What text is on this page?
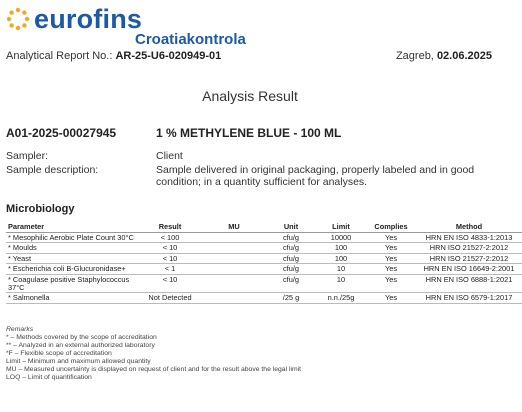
eurofins
Croatiakontrola
Analytical Report No.: AR-25-U6-020949-01	Zagreb, 02.06.2025
Analysis Result
A01-2025-00027945	1 % METHYLENE BLUE - 100 ML
Sampler:	Client
Sample description:	Sample delivered in original packaging, properly labeled and in good condition; in a quantity sufficient for analyses.
Microbiology
Parameter	Result	MU	Unit	Limit	Complies	Method
* Mesophilic Aerobic Plate Count 30°C	< 100		cfu/g	10000	Yes	HRN EN ISO 4833-1:2013
* Moulds	< 10		cfu/g	100	Yes	HRN ISO 21527-2:2012
* Yeast	< 10		cfu/g	100	Yes	HRN ISO 21527-2:2012
* Escherichia coli B-Glucuronidase+	< 1		cfu/g	10	Yes	HRN EN ISO 16649-2:2001
* Coagulase positive Staphylococcus 37°C	< 10		cfu/g	10	Yes	HRN EN ISO 6888-1:2021
* Salmonella	Not Detected		/25 g	n.n./25g	Yes	HRN EN ISO 6579-1:2017
Remarks
* – Methods covered by the scope of accreditation
** – Analyzed in an external authorized laboratory
*F – Flexible scope of accreditation
Limit – Minimum and maximum allowed quantity
MU – Measured uncertainty is displayed on request of client and for the result above the legal limit
LOQ – Limit of quantification
